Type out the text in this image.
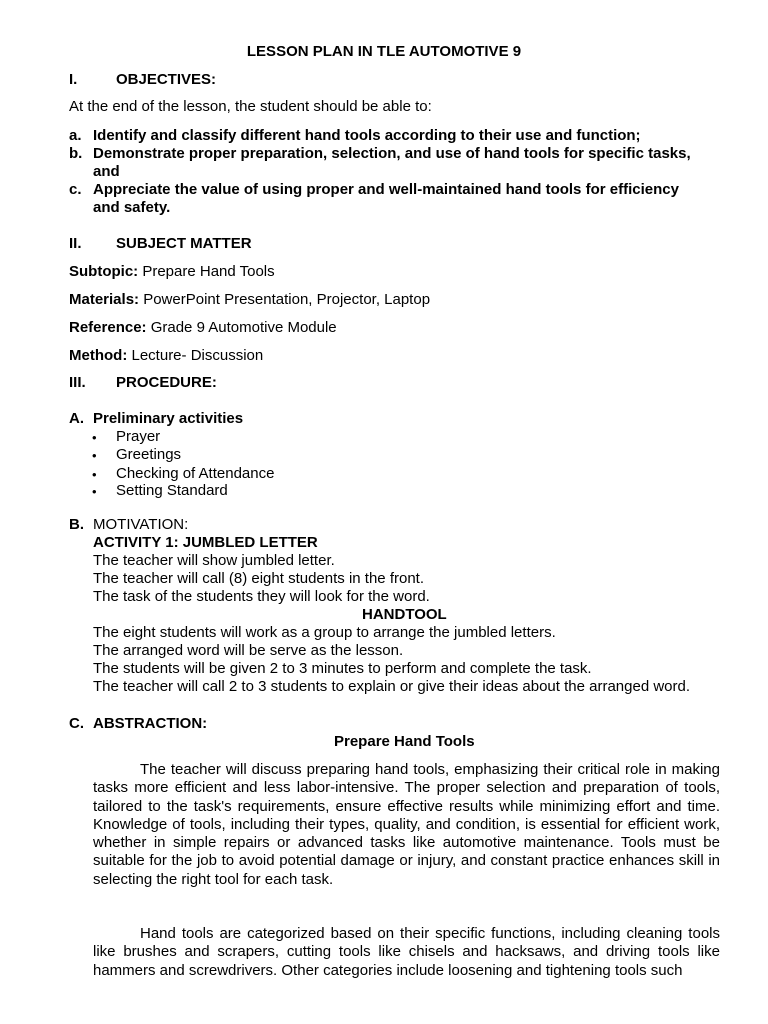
LESSON PLAN IN TLE AUTOMOTIVE 9
I.	OBJECTIVES:
At the end of the lesson, the student should be able to:
a. Identify and classify different hand tools according to their use and function;
b. Demonstrate proper preparation, selection, and use of hand tools for specific tasks,
and
c. Appreciate the value of using proper and well-maintained hand tools for efficiency
and safety.
II. SUBJECT MATTER
Subtopic: Prepare Hand Tools
Materials: PowerPoint Presentation, Projector, Laptop
Reference: Grade 9 Automotive Module
Method: Lecture- Discussion
III. PROCEDURE:
A. Preliminary activities
• Prayer
• Greetings
• Checking of Attendance
• Setting Standard
B. MOTIVATION:
ACTIVITY 1: JUMBLED LETTER
The teacher will show jumbled letter.
The teacher will call (8) eight students in the front.
The task of the students they will look for the word.
HANDTOOL
The eight students will work as a group to arrange the jumbled letters.
The arranged word will be serve as the lesson.
The students will be given 2 to 3 minutes to perform and complete the task.
The teacher will call 2 to 3 students to explain or give their ideas about the arranged word.
C. ABSTRACTION:
Prepare Hand Tools
The teacher will discuss preparing hand tools, emphasizing their critical role in making tasks more efficient and less labor-intensive. The proper selection and preparation of tools, tailored to the task's requirements, ensure effective results while minimizing effort and time. Knowledge of tools, including their types, quality, and condition, is essential for efficient work, whether in simple repairs or advanced tasks like automotive maintenance. Tools must be suitable for the job to avoid potential damage or injury, and constant practice enhances skill in selecting the right tool for each task.
Hand tools are categorized based on their specific functions, including cleaning tools like brushes and scrapers, cutting tools like chisels and hacksaws, and driving tools like hammers and screwdrivers. Other categories include loosening and tightening tools such
